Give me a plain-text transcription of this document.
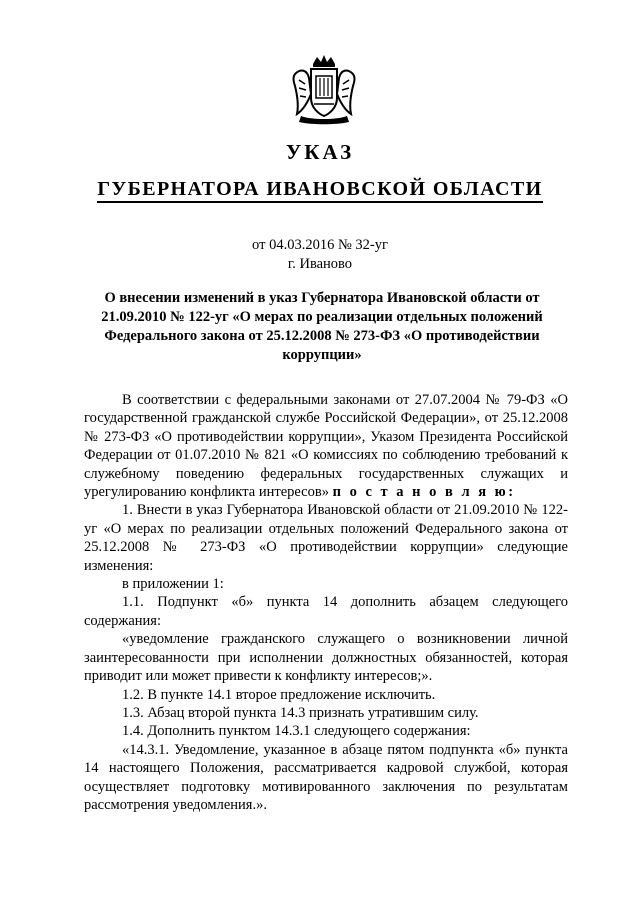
УКАЗ
ГУБЕРНАТОРА ИВАНОВСКОЙ ОБЛАСТИ
от 04.03.2016 № 32-уг
г. Иваново
О внесении изменений в указ Губернатора Ивановской области от 21.09.2010 № 122-уг «О мерах по реализации отдельных положений Федерального закона от 25.12.2008 № 273-ФЗ «О противодействии коррупции»

В соответствии с федеральными законами от 27.07.2004 № 79-ФЗ «О государственной гражданской службе Российской Федерации», от 25.12.2008 № 273-ФЗ «О противодействии коррупции», Указом Президента Российской Федерации от 01.07.2010 № 821 «О комиссиях по соблюдению требований к служебному поведению федеральных государственных служащих и урегулированию конфликта интересов» п о с т а н о в л я ю:

1. Внести в указ Губернатора Ивановской области от 21.09.2010 № 122-уг «О мерах по реализации отдельных положений Федерального закона от 25.12.2008 № 273-ФЗ «О противодействии коррупции» следующие изменения:

в приложении 1:

1.1. Подпункт «б» пункта 14 дополнить абзацем следующего содержания:

«уведомление гражданского служащего о возникновении личной заинтересованности при исполнении должностных обязанностей, которая приводит или может привести к конфликту интересов;».

1.2. В пункте 14.1 второе предложение исключить.

1.3. Абзац второй пункта 14.3 признать утратившим силу.

1.4. Дополнить пунктом 14.3.1 следующего содержания:

«14.3.1. Уведомление, указанное в абзаце пятом подпункта «б» пункта 14 настоящего Положения, рассматривается кадровой службой, которая осуществляет подготовку мотивированного заключения по результатам рассмотрения уведомления.».
